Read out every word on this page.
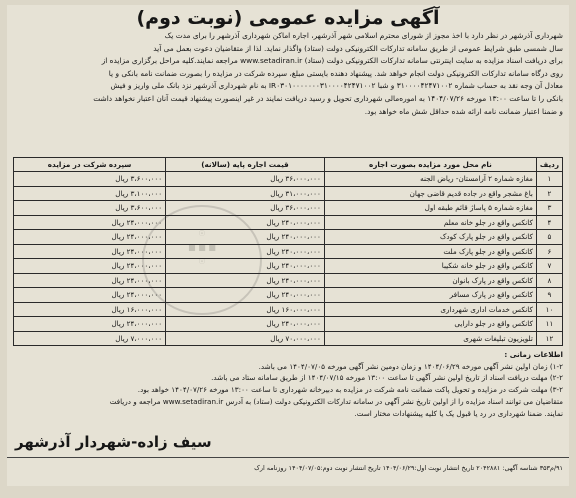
آگهی مزایده عمومی (نوبت دوم)
شهرداری آذرشهر در نظر دارد با اخذ مجوز از شورای محترم اسلامی شهر آذرشهر، اجاره اماکن شهرداری آذرشهر را برای مدت یک
سال شمسی طبق شرایط عمومی از طریق سامانه تدارکات الکترونیکی دولت (ستاد) واگذار نماید. لذا از متقاضیان دعوت بعمل می آید
برای دریافت اسناد مزایده به سایت اینترنتی سامانه تدارکات الکترونیکی دولت (ستاد) www.setadiran.ir مراجعه نمایند.کلیه مراحل برگزاری مزایده از
روی درگاه سامانه تدارکات الکترونیکی دولت انجام خواهد شد. پیشنهاد دهنده بایستی مبلغ، سپرده شرکت در مزایده را بصورت ضمانت نامه بانکی و یا
معادل آن وجه نقد به حساب شماره ۳۱۰۰۰۰۴۲۴۷۱۰۰۲ و شبا IR۰۳۰۱۰۰۰۰۰۰۰۳۱۰۰۰۰۴۲۴۷۱۰۰۲ به نام شهرداری آذرشهر نزد بانک ملی واریز و فیش
بانکی را تا ساعت ۱۳:۰۰ مورخه ۱۴۰۴/۰۷/۲۶ به اموره‌مالی شهرداری تحویل و رسید دریافت نمایند در غیر اینصورت پیشنهاد قیمت آنان اعتبار نخواهد داشت
و ضمنا اعتبار ضمانت نامه ارائه شده حداقل شش ماه خواهد بود.
ردیف	نام محل مورد مزایده بصورت اجاره	قیمت اجاره پایه (سالانه)	سپرده شرکت در مزایده
۱	مغازه شماره ۲ آرامستان- ریاض الجنه	۳۶،۰۰۰،۰۰۰ ریال	۳،۶۰۰،۰۰۰ ریال
۲	باغ مشجر واقع در جاده قدیم قاضی جهان	۳۱،۰۰۰،۰۰۰ ریال	۳،۱۰۰،۰۰۰ ریال
۳	مغازه شماره ۵ پاساژ قائم طبقه اول	۳۶،۰۰۰،۰۰۰ ریال	۳،۶۰۰،۰۰۰ ریال
۴	کانکس واقع در جلو خانه معلم	۲۴۰،۰۰۰،۰۰۰ ریال	۲۴،۰۰۰،۰۰۰ ریال
۵	کانکس واقع در جلو پارک کودک	۲۴۰،۰۰۰،۰۰۰ ریال	۲۴،۰۰۰،۰۰۰ ریال
۶	کانکس واقع در جلو پارک ملت	۲۴۰،۰۰۰،۰۰۰ ریال	۲۴،۰۰۰،۰۰۰ ریال
۷	کانکس واقع در جلو خانه شکیبا	۲۴۰،۰۰۰،۰۰۰ ریال	۲۴،۰۰۰،۰۰۰ ریال
۸	کانکس واقع در پارک بانوان	۲۴۰،۰۰۰،۰۰۰ ریال	۲۴،۰۰۰،۰۰۰ ریال
۹	کانکس واقع در پارک مسافر	۲۴۰،۰۰۰،۰۰۰ ریال	۲۴،۰۰۰،۰۰۰ ریال
۱۰	کانکس خدمات اداری شهرداری	۱۶۰،۰۰۰،۰۰۰ ریال	۱۶،۰۰۰،۰۰۰ ریال
۱۱	کانکس واقع در جلو دارایی	۲۴۰،۰۰۰،۰۰۰ ریال	۲۴،۰۰۰،۰۰۰ ریال
۱۲	تلویزیون تبلیغات شهری	۷۰،۰۰۰،۰۰۰ ریال	۷،۰۰۰،۰۰۰ ریال
☉
■ ■ ■
☉
اطلاعات زمانی :
۱-۲) زمان اولین نشر آگهی مورخه ۱۴۰۴/۰۶/۲۹ و زمان دومین نشر آگهی مورخه ۱۴۰۴/۰۷/۰۵ می باشد.
۲-۲) مهلت دریافت اسناد از تاریخ اولین نشر آگهی تا ساعت ۱۳:۰۰ مورخه ۱۴۰۴/۰۷/۱۵ از طریق سامانه ستاد می باشد.
۳-۲) مهلت شرکت در مزایده و تحویل پاکت ضمانت نامه شرکت در مزایده به دبیرخانه شهرداری تا ساعت ۱۳:۰۰ مورخه ۱۴۰۴/۰۷/۲۶ خواهد بود.
متقاضیان می توانند اسناد مزایده را از اولین تاریخ نشر آگهی در سامانه تدارکات الکترونیکی دولت (ستاد) به آدرس www.setadiran.ir مراجعه و دریافت
نمایند. ضمنا شهرداری در رد یا قبول یک یا کلیه پیشنهادات مختار است.
سیف زاده-شهردار آذرشهر
۹۱/م۳۵۳ شناسه آگهی: ۲۰۴۲۸۸۱ تاریخ انتشار نوبت اول:۱۴۰۴/۰۶/۲۹ تاریخ انتشار نوبت دوم:۱۴۰۴/۰۷/۰۵ روزنامه ارک
